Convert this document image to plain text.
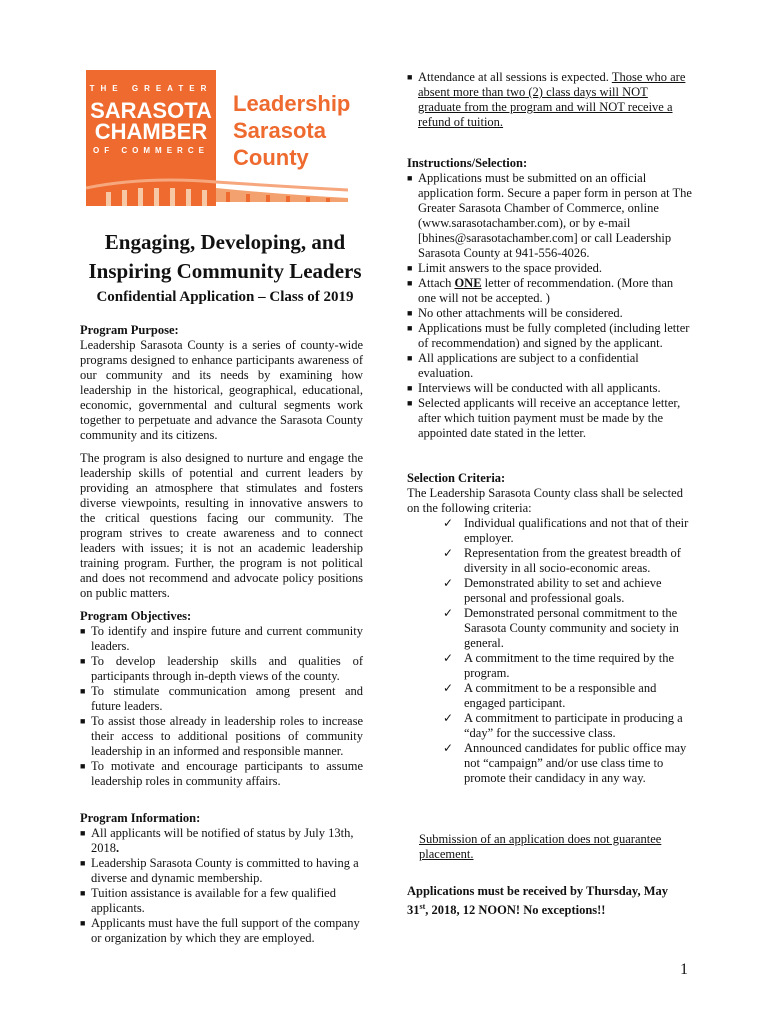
THE GREATER
SARASOTA
CHAMBER
OF COMMERCE
Leadership
Sarasota
County
Engaging, Developing, and
Inspiring Community Leaders
Confidential Application – Class of 2019
Program Purpose:
Leadership Sarasota County is a series of county-wide programs designed to enhance participants awareness of our community and its needs by examining how leadership in the historical, geographical, educational, economic, governmental and cultural segments work together to perpetuate and advance the Sarasota County community and its citizens.
The program is also designed to nurture and engage the leadership skills of potential and current leaders by providing an atmosphere that stimulates and fosters diverse viewpoints, resulting in innovative answers to the critical questions facing our community. The program strives to create awareness and to connect leaders with issues; it is not an academic leadership training program. Further, the program is not political and does not recommend and advocate policy positions on public matters.
Program Objectives:
■ To identify and inspire future and current community leaders.
■ To develop leadership skills and qualities of participants through in-depth views of the county.
■ To stimulate communication among present and future leaders.
■ To assist those already in leadership roles to increase their access to additional positions of community leadership in an informed and responsible manner.
■ To motivate and encourage participants to assume leadership roles in community affairs.
Program Information:
■ All applicants will be notified of status by July 13th, 2018.
■ Leadership Sarasota County is committed to having a diverse and dynamic membership.
■ Tuition assistance is available for a few qualified applicants.
■ Applicants must have the full support of the company or organization by which they are employed.
■ Attendance at all sessions is expected. Those who are absent more than two (2) class days will NOT graduate from the program and will NOT receive a refund of tuition.
Instructions/Selection:
■ Applications must be submitted on an official application form. Secure a paper form in person at The Greater Sarasota Chamber of Commerce, online (www.sarasotachamber.com), or by e-mail [bhines@sarasotachamber.com] or call Leadership Sarasota County at 941-556-4026.
■ Limit answers to the space provided.
■ Attach ONE letter of recommendation. (More than one will not be accepted. )
■ No other attachments will be considered.
■ Applications must be fully completed (including letter of recommendation) and signed by the applicant.
■ All applications are subject to a confidential evaluation.
■ Interviews will be conducted with all applicants.
■ Selected applicants will receive an acceptance letter, after which tuition payment must be made by the appointed date stated in the letter.
Selection Criteria:
The Leadership Sarasota County class shall be selected on the following criteria:
✓ Individual qualifications and not that of their employer.
✓ Representation from the greatest breadth of diversity in all socio-economic areas.
✓ Demonstrated ability to set and achieve personal and professional goals.
✓ Demonstrated personal commitment to the Sarasota County community and society in general.
✓ A commitment to the time required by the program.
✓ A commitment to be a responsible and engaged participant.
✓ A commitment to participate in producing a “day” for the successive class.
✓ Announced candidates for public office may not “campaign” and/or use class time to promote their candidacy in any way.
Submission of an application does not guarantee placement.
Applications must be received by Thursday, May 31st, 2018, 12 NOON! No exceptions!!
1
